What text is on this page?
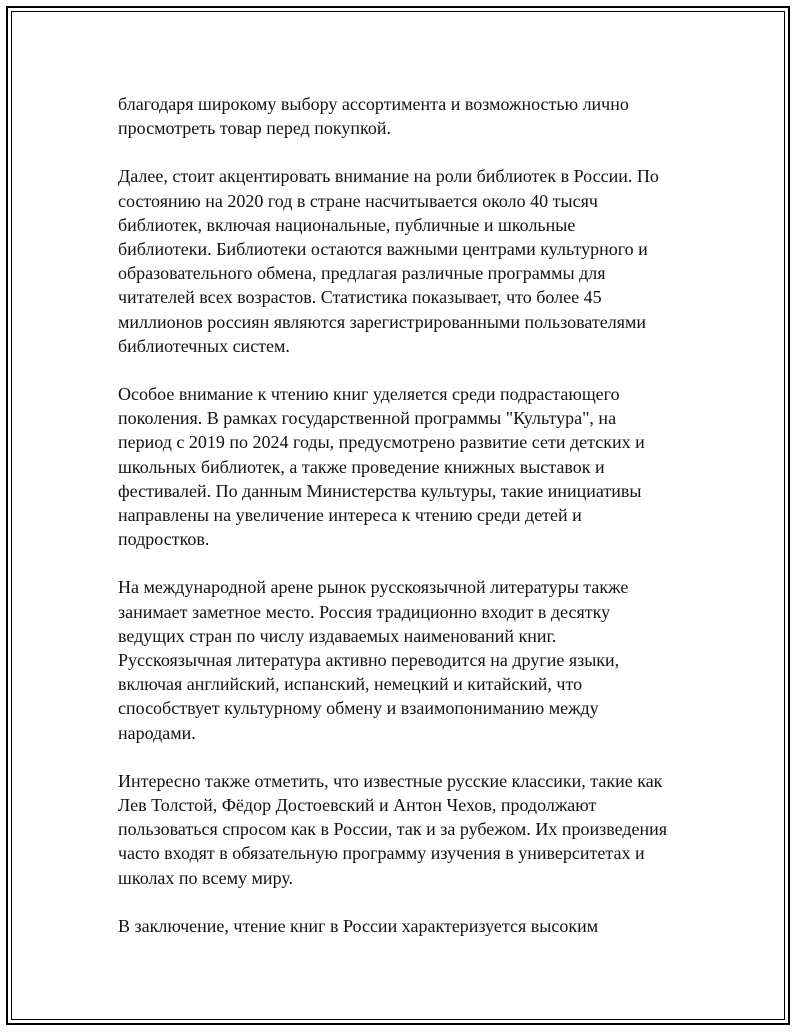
благодаря широкому выбору ассортимента и возможностью лично
просмотреть товар перед покупкой.

Далее, стоит акцентировать внимание на роли библиотек в России. По
состоянию на 2020 год в стране насчитывается около 40 тысяч
библиотек, включая национальные, публичные и школьные
библиотеки. Библиотеки остаются важными центрами культурного и
образовательного обмена, предлагая различные программы для
читателей всех возрастов. Статистика показывает, что более 45
миллионов россиян являются зарегистрированными пользователями
библиотечных систем.

Особое внимание к чтению книг уделяется среди подрастающего
поколения. В рамках государственной программы "Культура", на
период с 2019 по 2024 годы, предусмотрено развитие сети детских и
школьных библиотек, а также проведение книжных выставок и
фестивалей. По данным Министерства культуры, такие инициативы
направлены на увеличение интереса к чтению среди детей и
подростков.

На международной арене рынок русскоязычной литературы также
занимает заметное место. Россия традиционно входит в десятку
ведущих стран по числу издаваемых наименований книг.
Русскоязычная литература активно переводится на другие языки,
включая английский, испанский, немецкий и китайский, что
способствует культурному обмену и взаимопониманию между
народами.

Интересно также отметить, что известные русские классики, такие как
Лев Толстой, Фёдор Достоевский и Антон Чехов, продолжают
пользоваться спросом как в России, так и за рубежом. Их произведения
часто входят в обязательную программу изучения в университетах и
школах по всему миру.

В заключение, чтение книг в России характеризуется высоким
